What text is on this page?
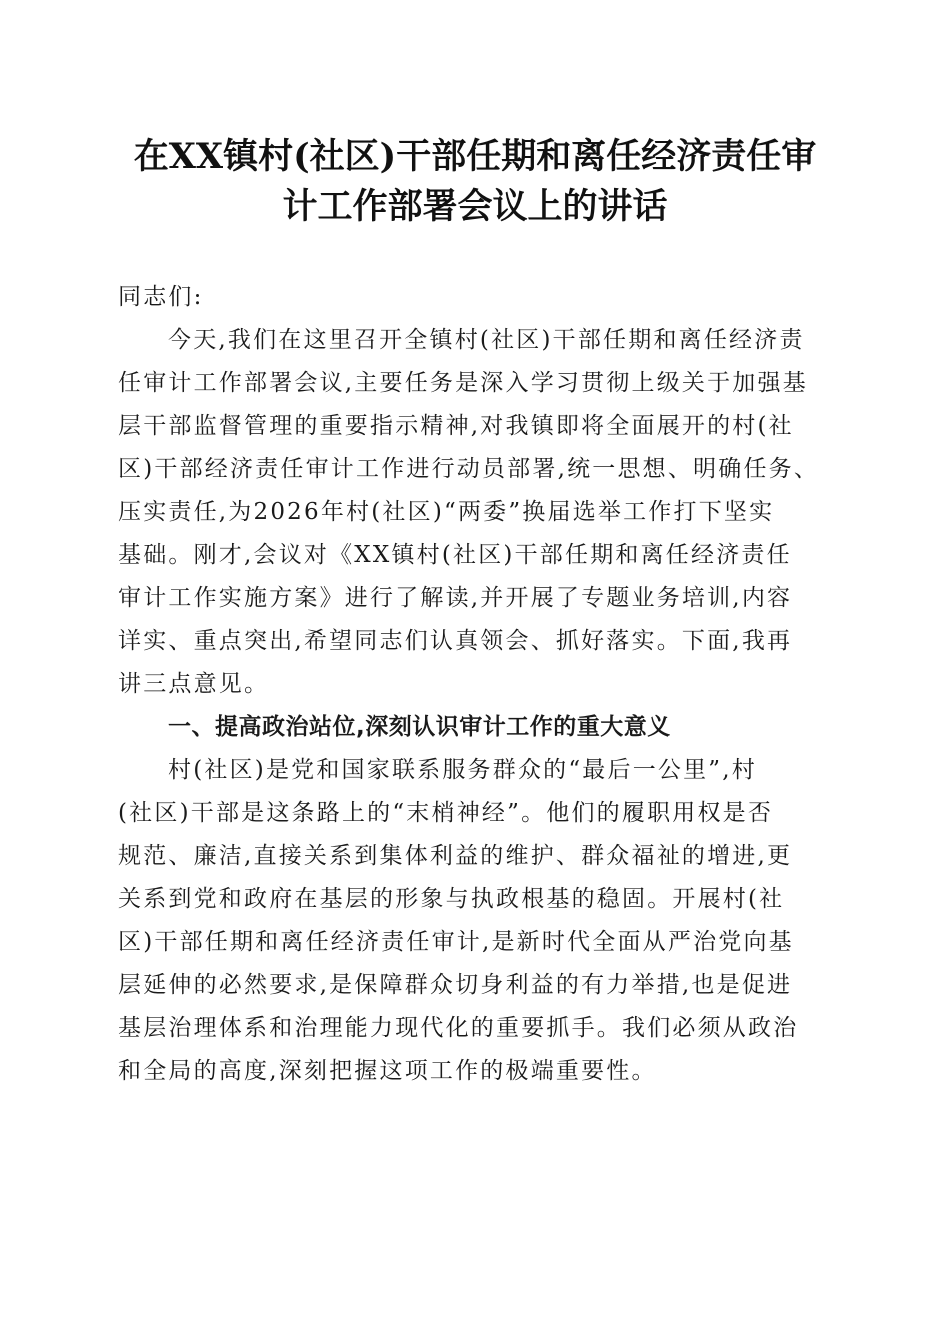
在XX镇村(社区)干部任期和离任经济责任审
计工作部署会议上的讲话
同志们:
今天,我们在这里召开全镇村(社区)干部任期和离任经济责
任审计工作部署会议,主要任务是深入学习贯彻上级关于加强基
层干部监督管理的重要指示精神,对我镇即将全面展开的村(社
区)干部经济责任审计工作进行动员部署,统一思想、明确任务、
压实责任,为2026年村(社区)“两委”换届选举工作打下坚实
基础。刚才,会议对《XX镇村(社区)干部任期和离任经济责任
审计工作实施方案》进行了解读,并开展了专题业务培训,内容
详实、重点突出,希望同志们认真领会、抓好落实。下面,我再
讲三点意见。
一、提高政治站位,深刻认识审计工作的重大意义
村(社区)是党和国家联系服务群众的“最后一公里”,村
(社区)干部是这条路上的“末梢神经”。他们的履职用权是否
规范、廉洁,直接关系到集体利益的维护、群众福祉的增进,更
关系到党和政府在基层的形象与执政根基的稳固。开展村(社
区)干部任期和离任经济责任审计,是新时代全面从严治党向基
层延伸的必然要求,是保障群众切身利益的有力举措,也是促进
基层治理体系和治理能力现代化的重要抓手。我们必须从政治
和全局的高度,深刻把握这项工作的极端重要性。
